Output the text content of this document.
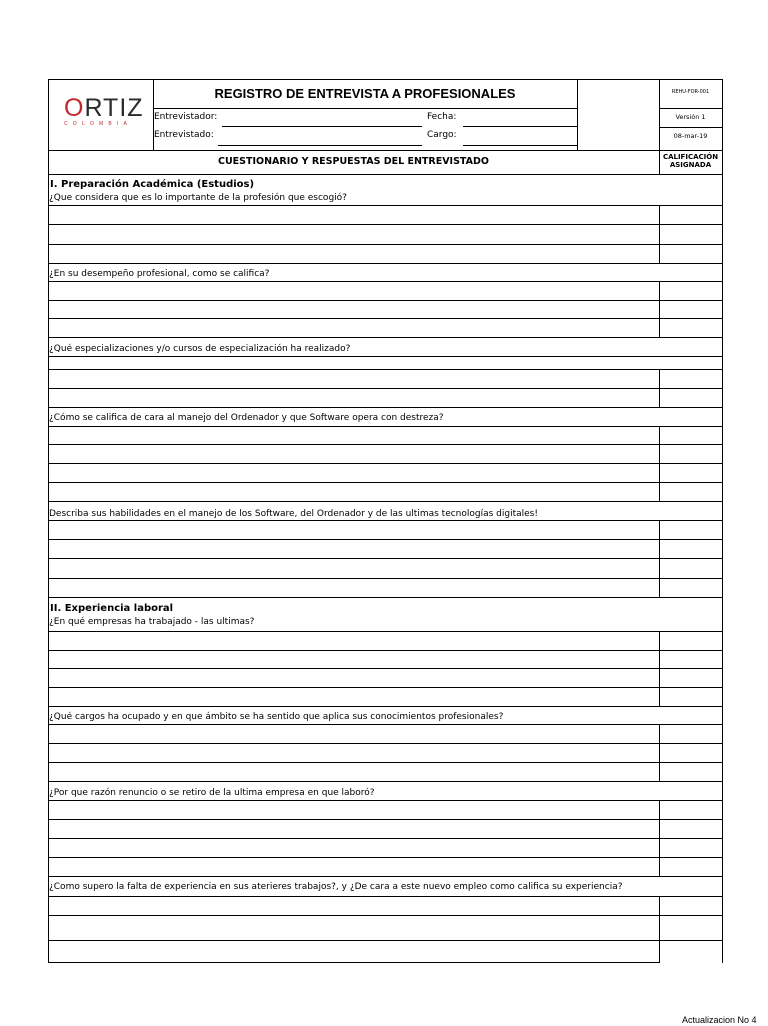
ORTIZ
COLOMBIA
REGISTRO DE ENTREVISTA A PROFESIONALES	REHU-FOR-001
Versión 1
08-mar-19
Entrevistador:
Entrevistado:
Fecha:
Cargo:
CUESTIONARIO Y RESPUESTAS DEL ENTREVISTADO	CALIFICACIÓN
ASIGNADA
I. Preparación Académica (Estudios)
II. Experiencia laboral
¿Que considera que es lo importante de la profesión que escogió?
¿En su desempeño profesional, como se califica?
¿Qué especializaciones y/o cursos de especialización ha realizado?
¿Cómo se califica de cara al manejo del Ordenador y que Software opera con destreza?
Describa sus habilidades en el manejo de los Software, del Ordenador y de las ultimas tecnologías digitales!
¿En qué empresas ha trabajado - las ultimas?
¿Qué cargos ha ocupado y en que ámbito se ha sentido que aplica sus conocimientos profesionales?
¿Por que razón renuncio o se retiro de la ultima empresa en que laboró?
¿Como supero la falta de experiencia en sus aterieres trabajos?, y ¿De cara a este nuevo empleo como califica su experiencia?
Actualizacion No 4
